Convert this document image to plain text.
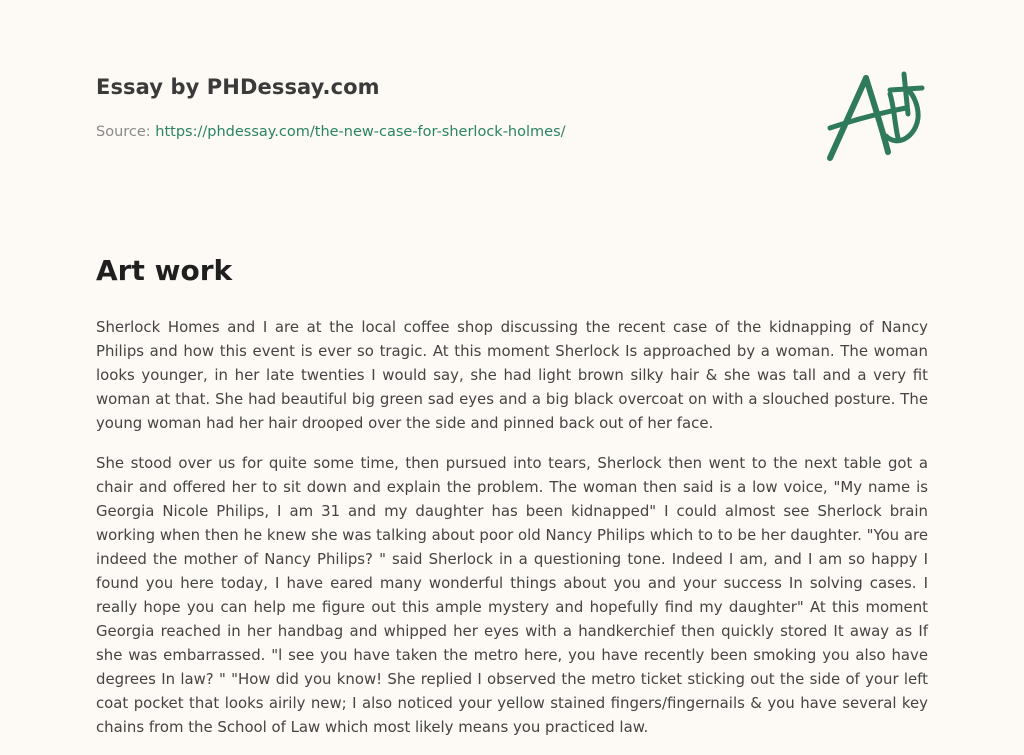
Essay by PHDessay.com
Source: https://phdessay.com/the-new-case-for-sherlock-holmes/
Art work

Sherlock Homes and I are at the local coffee shop discussing the recent case of the kidnapping of Nancy Philips and how this event is ever so tragic. At this moment Sherlock Is approached by a woman. The woman looks younger, in her late twenties I would say, she had light brown silky hair & she was tall and a very fit woman at that. She had beautiful big green sad eyes and a big black overcoat on with a slouched posture. The young woman had her hair drooped over the side and pinned back out of her face.

She stood over us for quite some time, then pursued into tears, Sherlock then went to the next table got a chair and offered her to sit down and explain the problem. The woman then said is a low voice, "My name is Georgia Nicole Philips, I am 31 and my daughter has been kidnapped" I could almost see Sherlock brain working when then he knew she was talking about poor old Nancy Philips which to to be her daughter. "You are indeed the mother of Nancy Philips? " said Sherlock in a questioning tone. Indeed I am, and I am so happy I found you here today, I have eared many wonderful things about you and your success In solving cases. I really hope you can help me figure out this ample mystery and hopefully find my daughter" At this moment Georgia reached in her handbag and whipped her eyes with a handkerchief then quickly stored It away as If she was embarrassed. "l see you have taken the metro here, you have recently been smoking you also have degrees In law? " "How did you know! She replied I observed the metro ticket sticking out the side of your left coat pocket that looks airily new; I also noticed your yellow stained fingers/fingernails & you have several key chains from the School of Law which most likely means you practiced law.
